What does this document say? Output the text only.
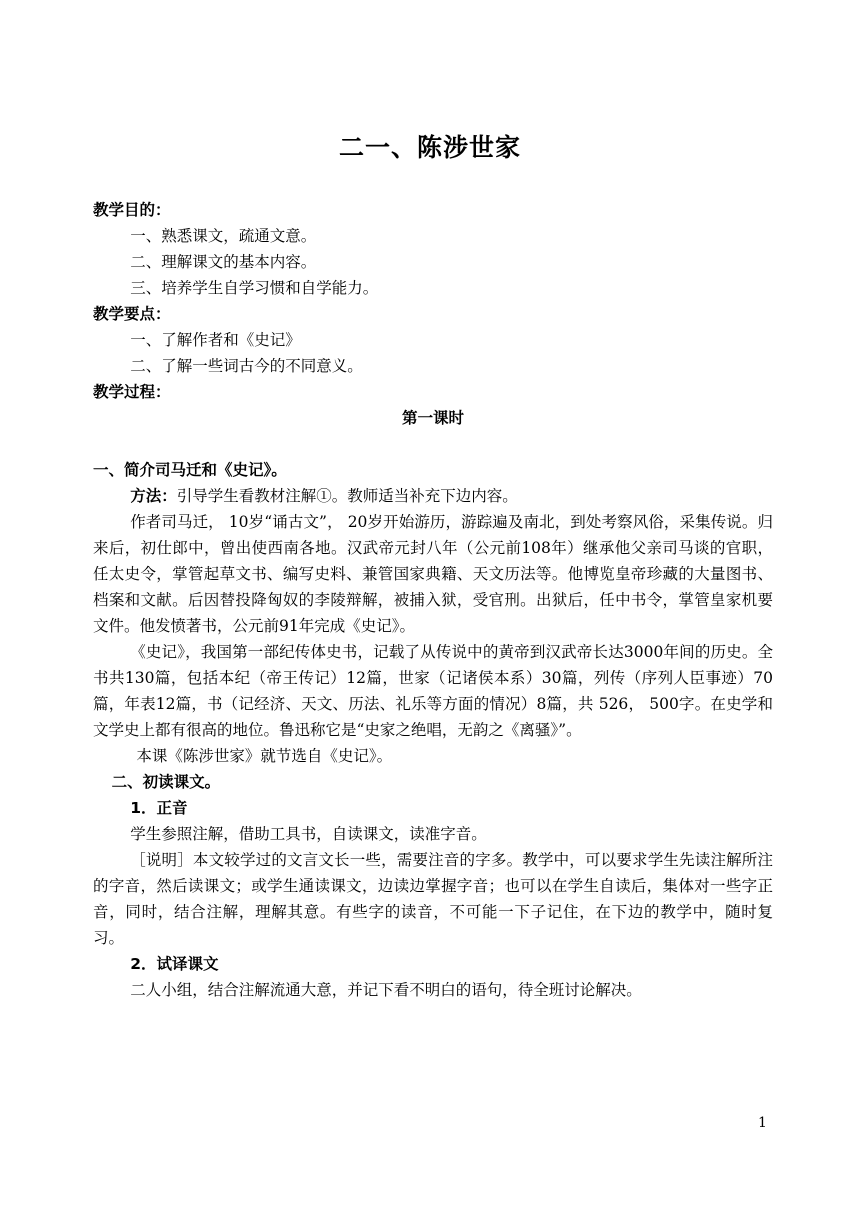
二一、陈涉世家

教学目的：

一、熟悉课文，疏通文意。

二、理解课文的基本内容。

三、培养学生自学习惯和自学能力。

教学要点：

一、了解作者和《史记》

二、了解一些词古今的不同意义。

教学过程：

第一课时

一、简介司马迁和《史记》。

方法：引导学生看教材注解①。教师适当补充下边内容。

作者司马迁， 10岁“诵古文”， 20岁开始游历，游踪遍及南北，到处考察风俗，采集传说。归来后，初仕郎中，曾出使西南各地。汉武帝元封八年（公元前108年）继承他父亲司马谈的官职，任太史令，掌管起草文书、编写史料、兼管国家典籍、天文历法等。他博览皇帝珍藏的大量图书、档案和文献。后因替投降匈奴的李陵辩解，被捕入狱，受官刑。出狱后，任中书令，掌管皇家机要文件。他发愤著书，公元前91年完成《史记》。

《史记》，我国第一部纪传体史书，记载了从传说中的黄帝到汉武帝长达3000年间的历史。全书共130篇，包括本纪（帝王传记）12篇，世家（记诸侯本系）30篇，列传（序列人臣事迹）70篇，年表12篇，书（记经济、天文、历法、礼乐等方面的情况）8篇，共 526， 500字。在史学和文学史上都有很高的地位。鲁迅称它是“史家之绝唱，无韵之《离骚》”。

本课《陈涉世家》就节选自《史记》。

二、初读课文。

1．正音

学生参照注解，借助工具书，自读课文，读准字音。

［说明］本文较学过的文言文长一些，需要注音的字多。教学中，可以要求学生先读注解所注的字音，然后读课文；或学生通读课文，边读边掌握字音；也可以在学生自读后，集体对一些字正音，同时，结合注解，理解其意。有些字的读音，不可能一下子记住，在下边的教学中，随时复习。

2．试译课文

二人小组，结合注解流通大意，并记下看不明白的语句，待全班讨论解决。

1
